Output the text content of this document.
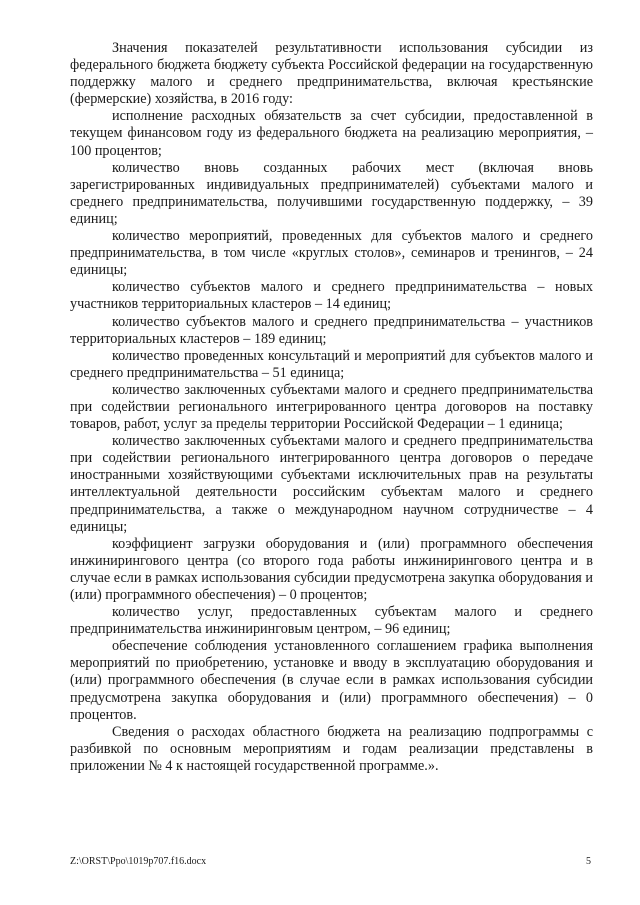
Значения показателей результативности использования субсидии из федерального бюджета бюджету субъекта Российской федерации на государственную поддержку малого и среднего предпринимательства, включая крестьянские (фермерские) хозяйства, в 2016 году:

исполнение расходных обязательств за счет субсидии, предоставленной в текущем финансовом году из федерального бюджета на реализацию мероприятия, – 100 процентов;

количество вновь созданных рабочих мест (включая вновь зарегистрированных индивидуальных предпринимателей) субъектами малого и среднего предпринимательства, получившими государственную поддержку, – 39 единиц;

количество мероприятий, проведенных для субъектов малого и среднего предпринимательства, в том числе «круглых столов», семинаров и тренингов, – 24 единицы;

количество субъектов малого и среднего предпринимательства – новых участников территориальных кластеров – 14 единиц;

количество субъектов малого и среднего предпринимательства – участников территориальных кластеров – 189 единиц;

количество проведенных консультаций и мероприятий для субъектов малого и среднего предпринимательства – 51 единица;

количество заключенных субъектами малого и среднего предпринимательства при содействии регионального интегрированного центра договоров на поставку товаров, работ, услуг за пределы территории Российской Федерации – 1 единица;

количество заключенных субъектами малого и среднего предпринимательства при содействии регионального интегрированного центра договоров о передаче иностранными хозяйствующими субъектами исключительных прав на результаты интеллектуальной деятельности российским субъектам малого и среднего предпринимательства, а также о международном научном сотрудничестве – 4 единицы;

коэффициент загрузки оборудования и (или) программного обеспечения инжинирингового центра (со второго года работы инжинирингового центра и в случае если в рамках использования субсидии предусмотрена закупка оборудования и (или) программного обеспечения) – 0 процентов;

количество услуг, предоставленных субъектам малого и среднего предпринимательства инжиниринговым центром, – 96 единиц;

обеспечение соблюдения установленного соглашением графика выполнения мероприятий по приобретению, установке и вводу в эксплуатацию оборудования и (или) программного обеспечения (в случае если в рамках использования субсидии предусмотрена закупка оборудования и (или) программного обеспечения) – 0 процентов.

Сведения о расходах областного бюджета на реализацию подпрограммы с разбивкой по основным мероприятиям и годам реализации представлены в приложении № 4 к настоящей государственной программе.».

Z:\ORST\Ppo\1019p707.f16.docx	5
